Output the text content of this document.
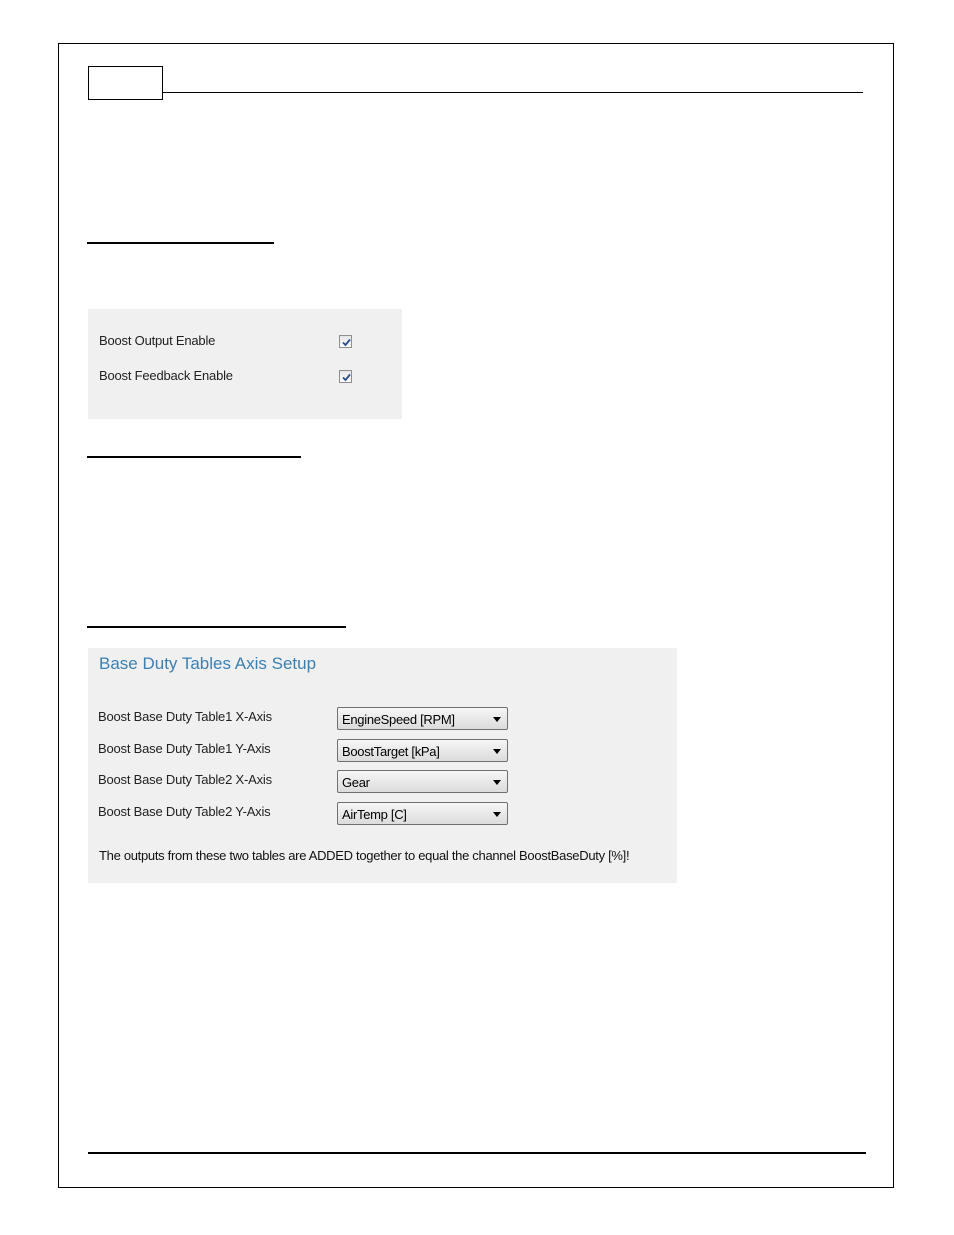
Boost Output Enable
Boost Feedback Enable
Base Duty Tables Axis Setup
Boost Base Duty Table1 X-Axis	EngineSpeed [RPM]
Boost Base Duty Table1 Y-Axis	BoostTarget [kPa]
Boost Base Duty Table2 X-Axis	Gear
Boost Base Duty Table2 Y-Axis	AirTemp [C]
The outputs from these two tables are ADDED together to equal the channel BoostBaseDuty [%]!
